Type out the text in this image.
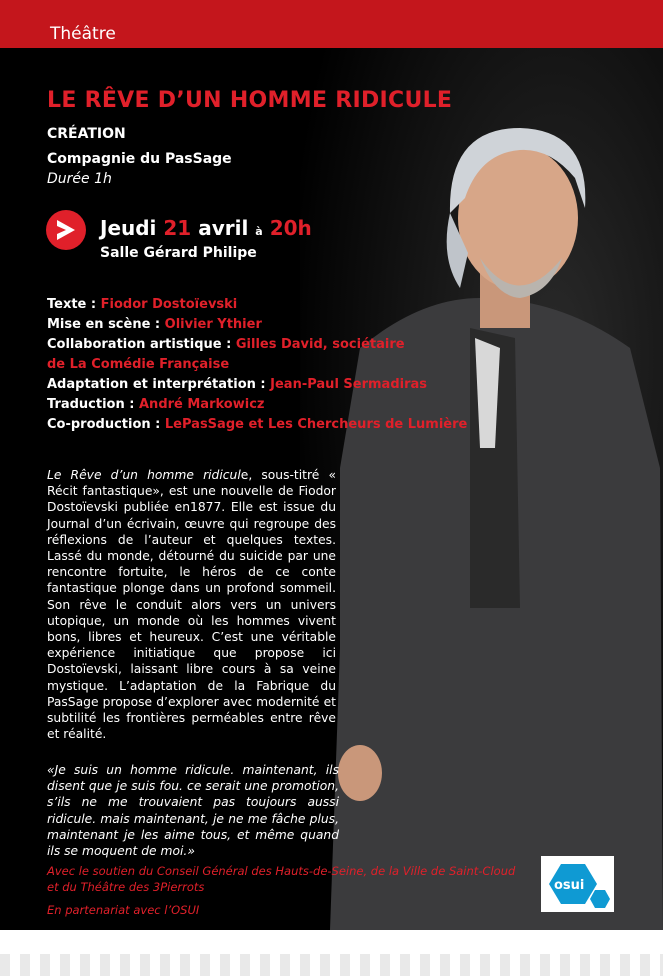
Théâtre
LE RÊVE D’UN HOMME RIDICULE
CRÉATION
Compagnie du PasSage
Durée 1h
Jeudi 21 avril à 20h
Salle Gérard Philipe
Texte : Fiodor Dostoïevski
Mise en scène : Olivier Ythier
Collaboration artistique : Gilles David, sociétaire
de La Comédie Française
Adaptation et interprétation : Jean-Paul Sermadiras
Traduction : André Markowicz
Co-production : LePasSage et Les Chercheurs de Lumière
Le Rêve d’un homme ridicule, sous-titré « Récit fantastique», est une nouvelle de Fiodor Dostoïevski publiée en1877. Elle est issue du Journal d’un écrivain, œuvre qui regroupe des réflexions de l’auteur et quelques textes. Lassé du monde, détourné du suicide par une rencontre fortuite, le héros de ce conte fantastique plonge dans un profond sommeil. Son rêve le conduit alors vers un univers utopique, un monde où les hommes vivent bons, libres et heureux. C’est une véritable expérience initiatique que propose ici Dostoïevski, laissant libre cours à sa veine mystique. L’adaptation de la Fabrique du PasSage propose d’explorer avec modernité et subtilité les frontières perméables entre rêve et réalité.
«Je suis un homme ridicule. maintenant, ils disent que je suis fou. ce serait une promotion, s’ils ne me trouvaient pas toujours aussi ridicule. mais maintenant, je ne me fâche plus, maintenant je les aime tous, et même quand ils se moquent de moi.»
Avec le soutien du Conseil Général des Hauts-de-Seine, de la Ville de Saint-Cloud et du Théâtre des 3Pierrots
En partenariat avec l’OSUI
osui
